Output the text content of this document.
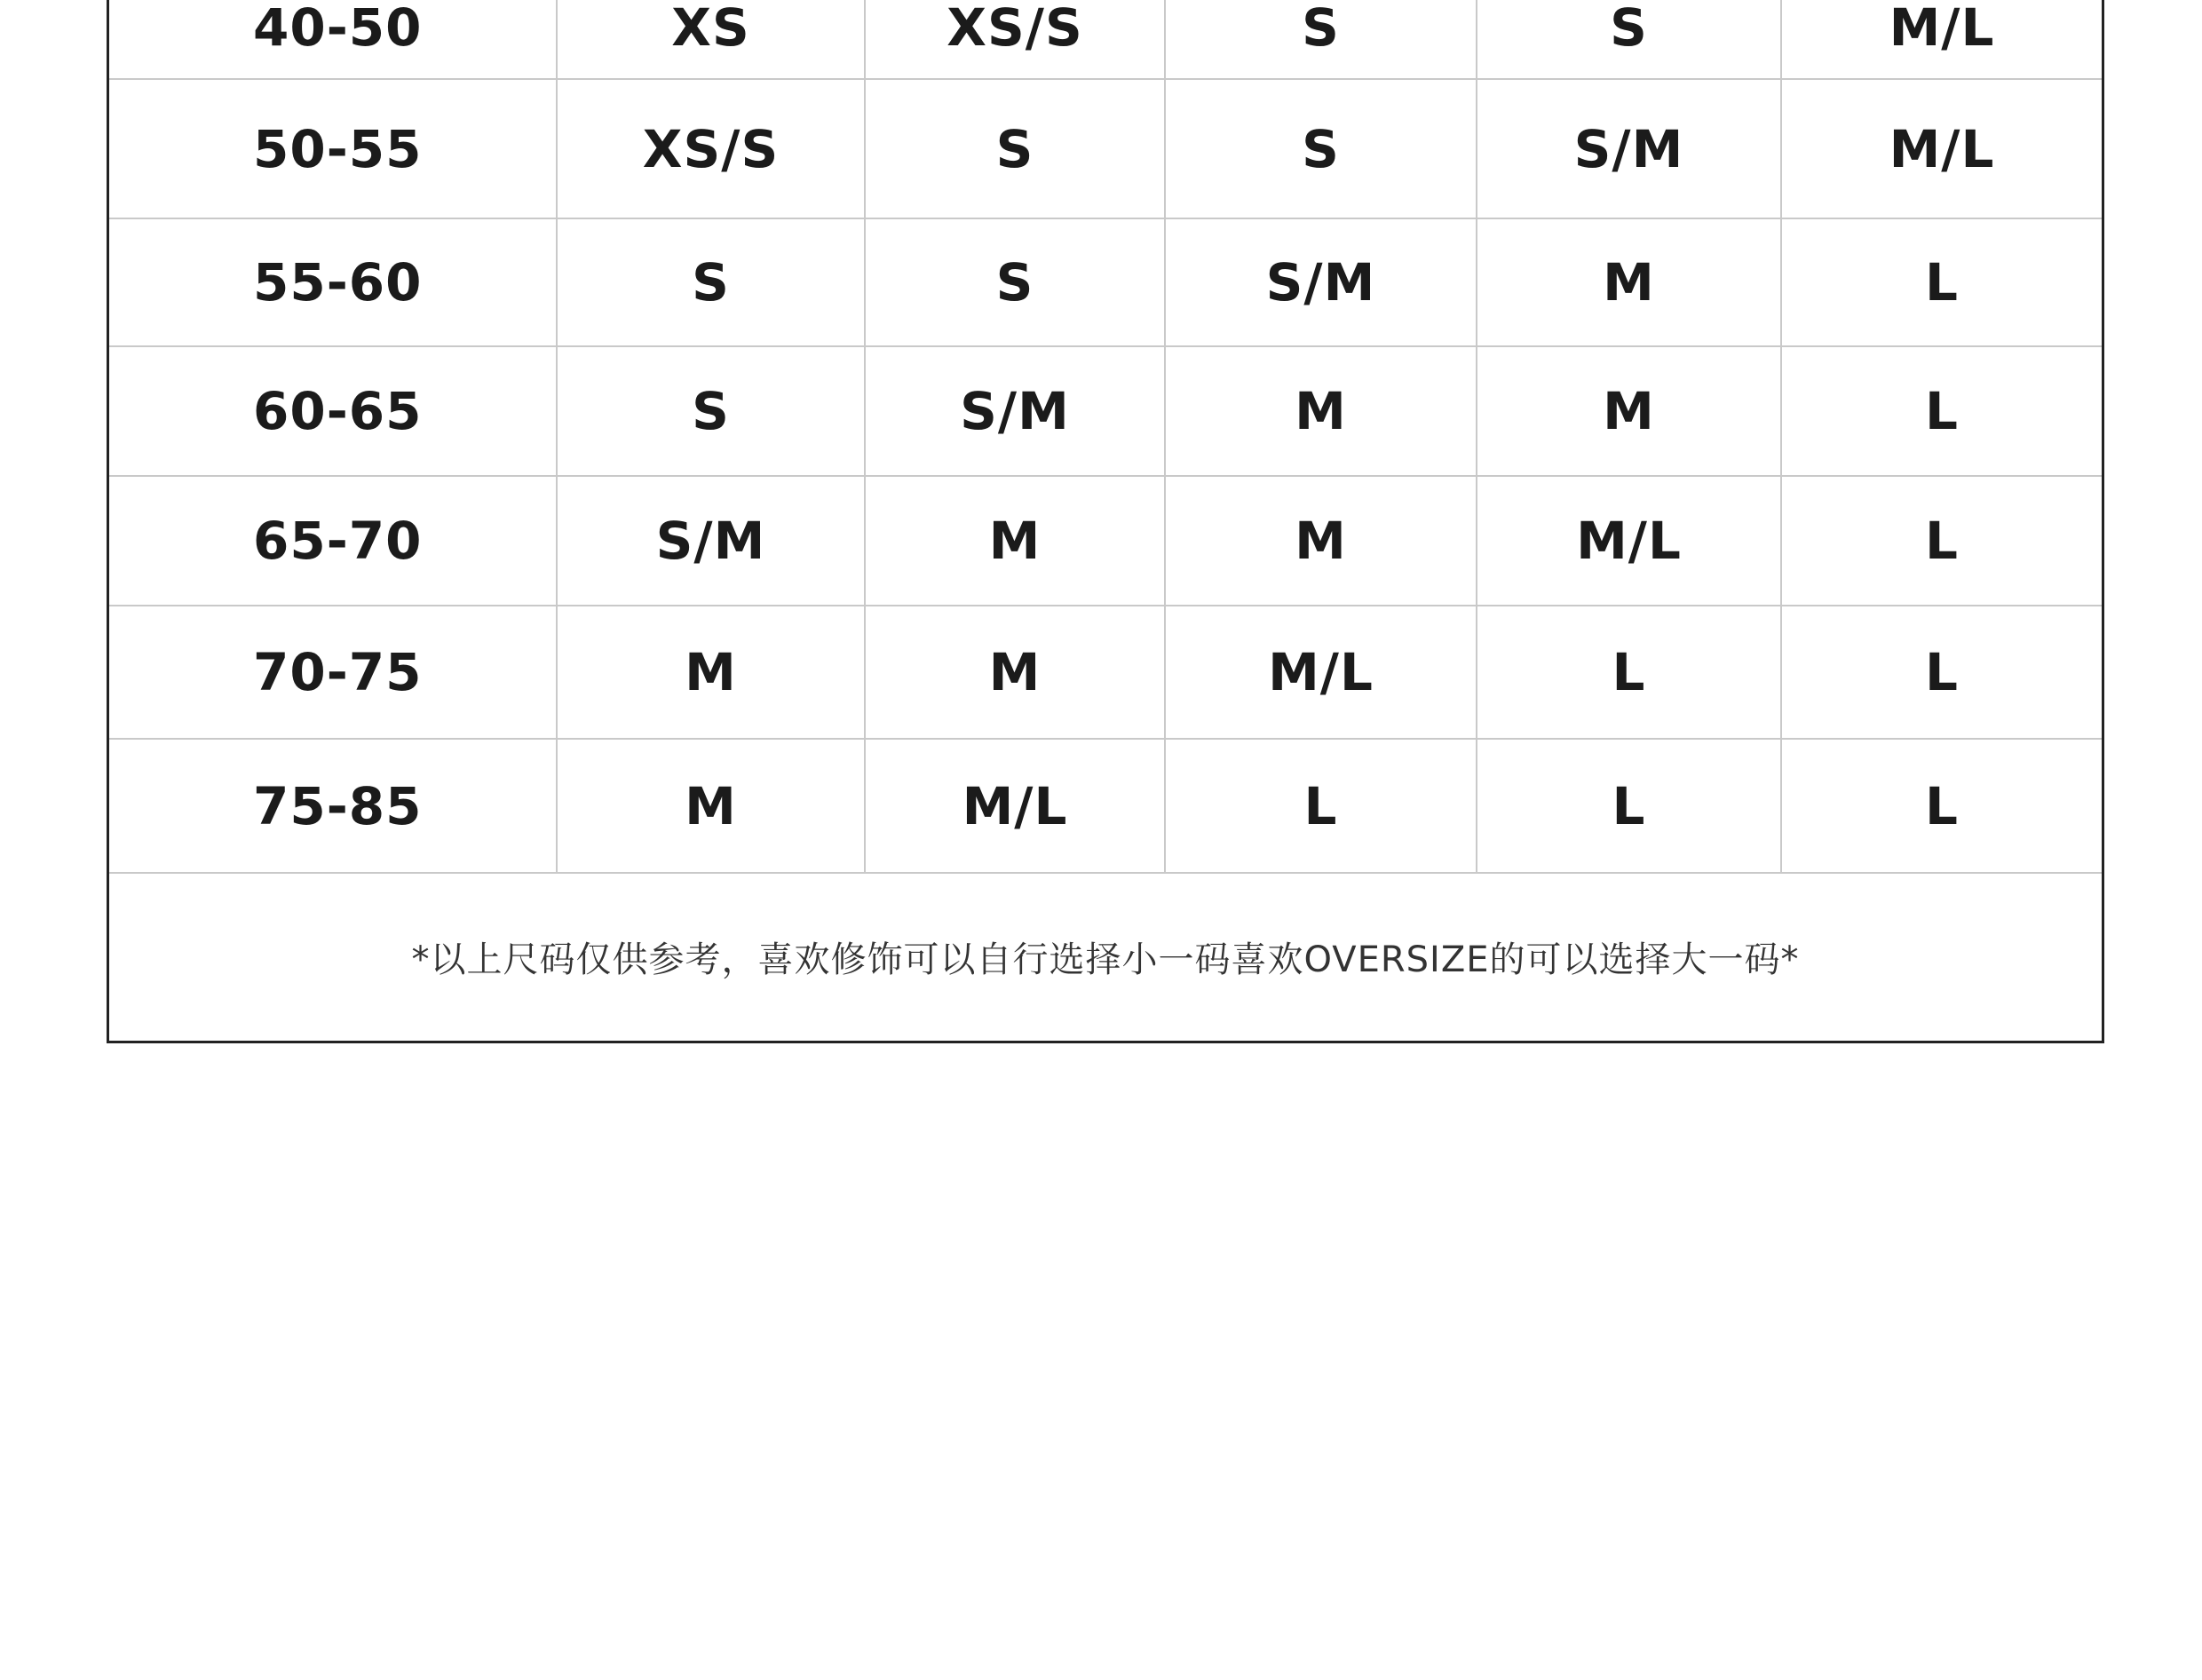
40-50	XS	XS/S	S	S	M/L
50-55	XS/S	S	S	S/M	M/L
55-60	S	S	S/M	M	L
60-65	S	S/M	M	M	L
65-70	S/M	M	M	M/L	L
70-75	M	M	M/L	L	L
75-85	M	M/L	L	L	L
*以上尺码仅供参考，喜欢修饰可以自行选择小一码喜欢OVERSIZE的可以选择大一码*
